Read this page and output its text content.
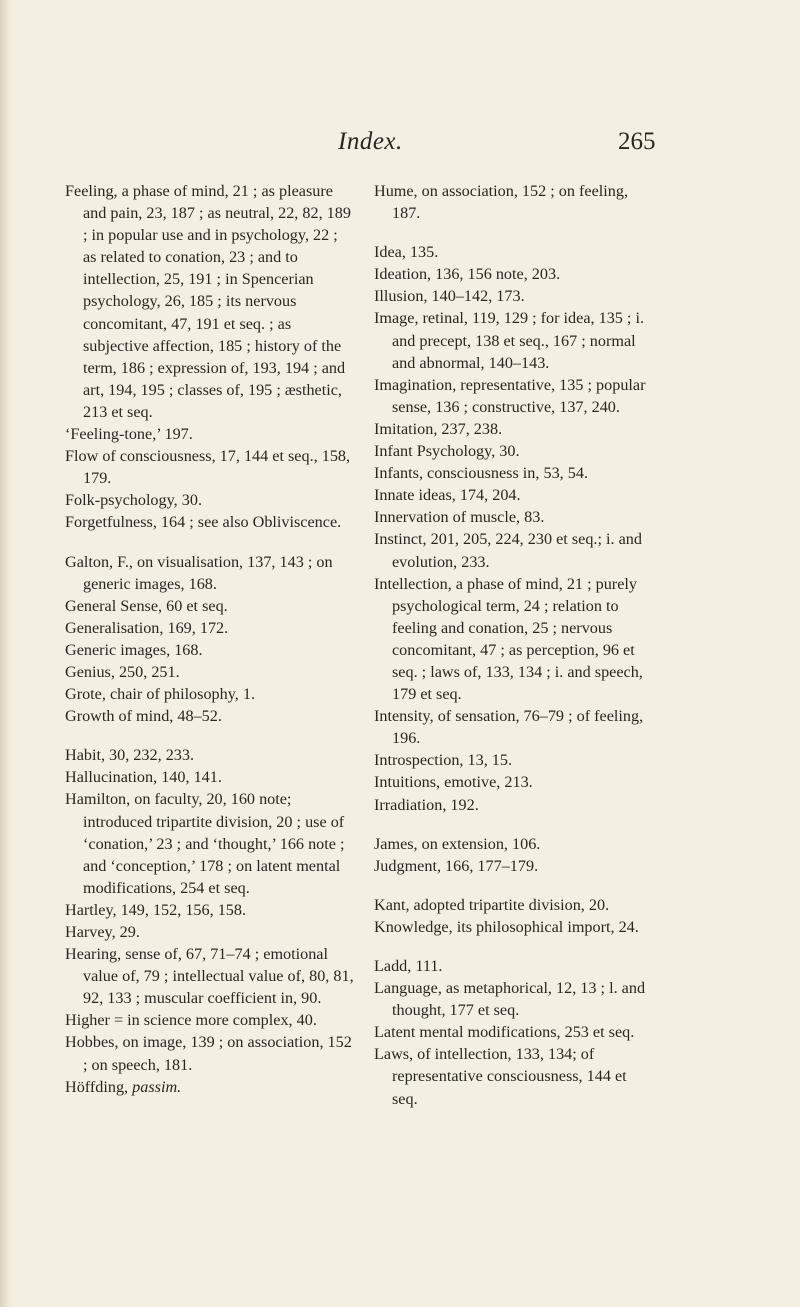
Index.	265
Feeling, a phase of mind, 21 ; as pleasure and pain, 23, 187 ; as neutral, 22, 82, 189 ; in popular use and in psychology, 22 ; as related to conation, 23 ; and to intellection, 25, 191 ; in Spencerian psychology, 26, 185 ; its nervous concomitant, 47, 191 et seq. ; as subjective affection, 185 ; history of the term, 186 ; expression of, 193, 194 ; and art, 194, 195 ; classes of, 195 ; æsthetic, 213 et seq.
‘Feeling-tone,’ 197.
Flow of consciousness, 17, 144 et seq., 158, 179.
Folk-psychology, 30.
Forgetfulness, 164 ; see also Obliviscence.
Galton, F., on visualisation, 137, 143 ; on generic images, 168.
General Sense, 60 et seq.
Generalisation, 169, 172.
Generic images, 168.
Genius, 250, 251.
Grote, chair of philosophy, 1.
Growth of mind, 48–52.
Habit, 30, 232, 233.
Hallucination, 140, 141.
Hamilton, on faculty, 20, 160 note; introduced tripartite division, 20 ; use of ‘conation,’ 23 ; and ‘thought,’ 166 note ; and ‘conception,’ 178 ; on latent mental modifications, 254 et seq.
Hartley, 149, 152, 156, 158.
Harvey, 29.
Hearing, sense of, 67, 71–74 ; emotional value of, 79 ; intellectual value of, 80, 81, 92, 133 ; muscular coefficient in, 90.
Higher = in science more complex, 40.
Hobbes, on image, 139 ; on association, 152 ; on speech, 181.
Höffding, passim.
Hume, on association, 152 ; on feeling, 187.
Idea, 135.
Ideation, 136, 156 note, 203.
Illusion, 140–142, 173.
Image, retinal, 119, 129 ; for idea, 135 ; i. and precept, 138 et seq., 167 ; normal and abnormal, 140–143.
Imagination, representative, 135 ; popular sense, 136 ; constructive, 137, 240.
Imitation, 237, 238.
Infant Psychology, 30.
Infants, consciousness in, 53, 54.
Innate ideas, 174, 204.
Innervation of muscle, 83.
Instinct, 201, 205, 224, 230 et seq.; i. and evolution, 233.
Intellection, a phase of mind, 21 ; purely psychological term, 24 ; relation to feeling and conation, 25 ; nervous concomitant, 47 ; as perception, 96 et seq. ; laws of, 133, 134 ; i. and speech, 179 et seq.
Intensity, of sensation, 76–79 ; of feeling, 196.
Introspection, 13, 15.
Intuitions, emotive, 213.
Irradiation, 192.
James, on extension, 106.
Judgment, 166, 177–179.
Kant, adopted tripartite division, 20.
Knowledge, its philosophical import, 24.
Ladd, 111.
Language, as metaphorical, 12, 13 ; l. and thought, 177 et seq.
Latent mental modifications, 253 et seq.
Laws, of intellection, 133, 134; of representative consciousness, 144 et seq.
